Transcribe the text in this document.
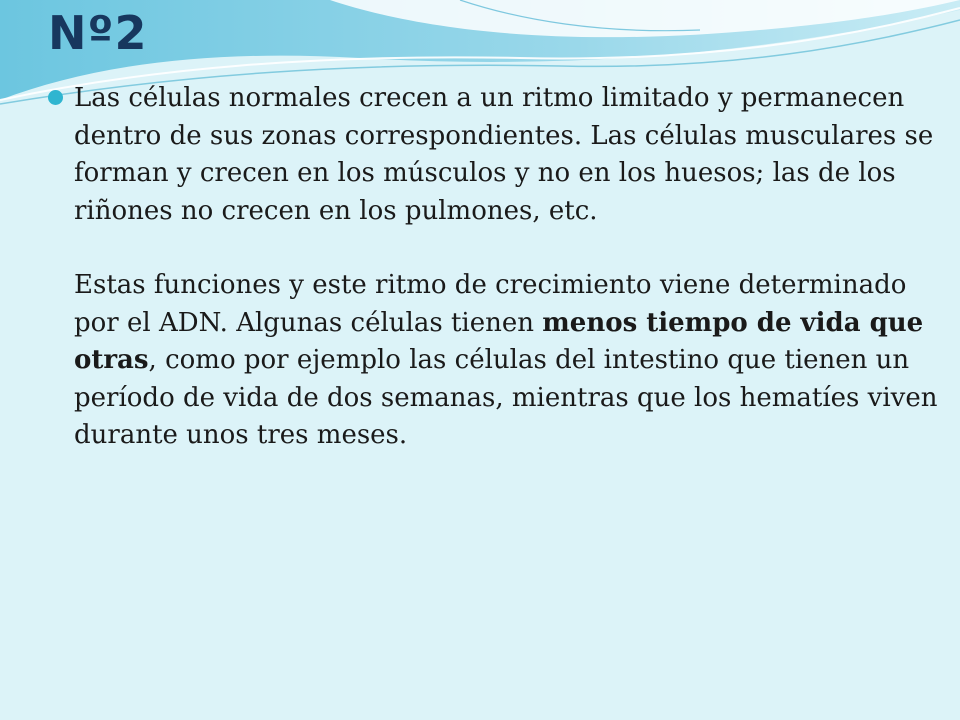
Nº2

Las células normales crecen a un ritmo limitado y permanecen dentro de sus zonas correspondientes. Las células musculares se forman y crecen en los músculos y no en los huesos; las de los riñones no crecen en los pulmones, etc.

Estas funciones y este ritmo de crecimiento viene determinado por el ADN. Algunas células tienen menos tiempo de vida que otras, como por ejemplo las células del intestino que tienen un período de vida de dos semanas, mientras que los hematíes viven durante unos tres meses.
